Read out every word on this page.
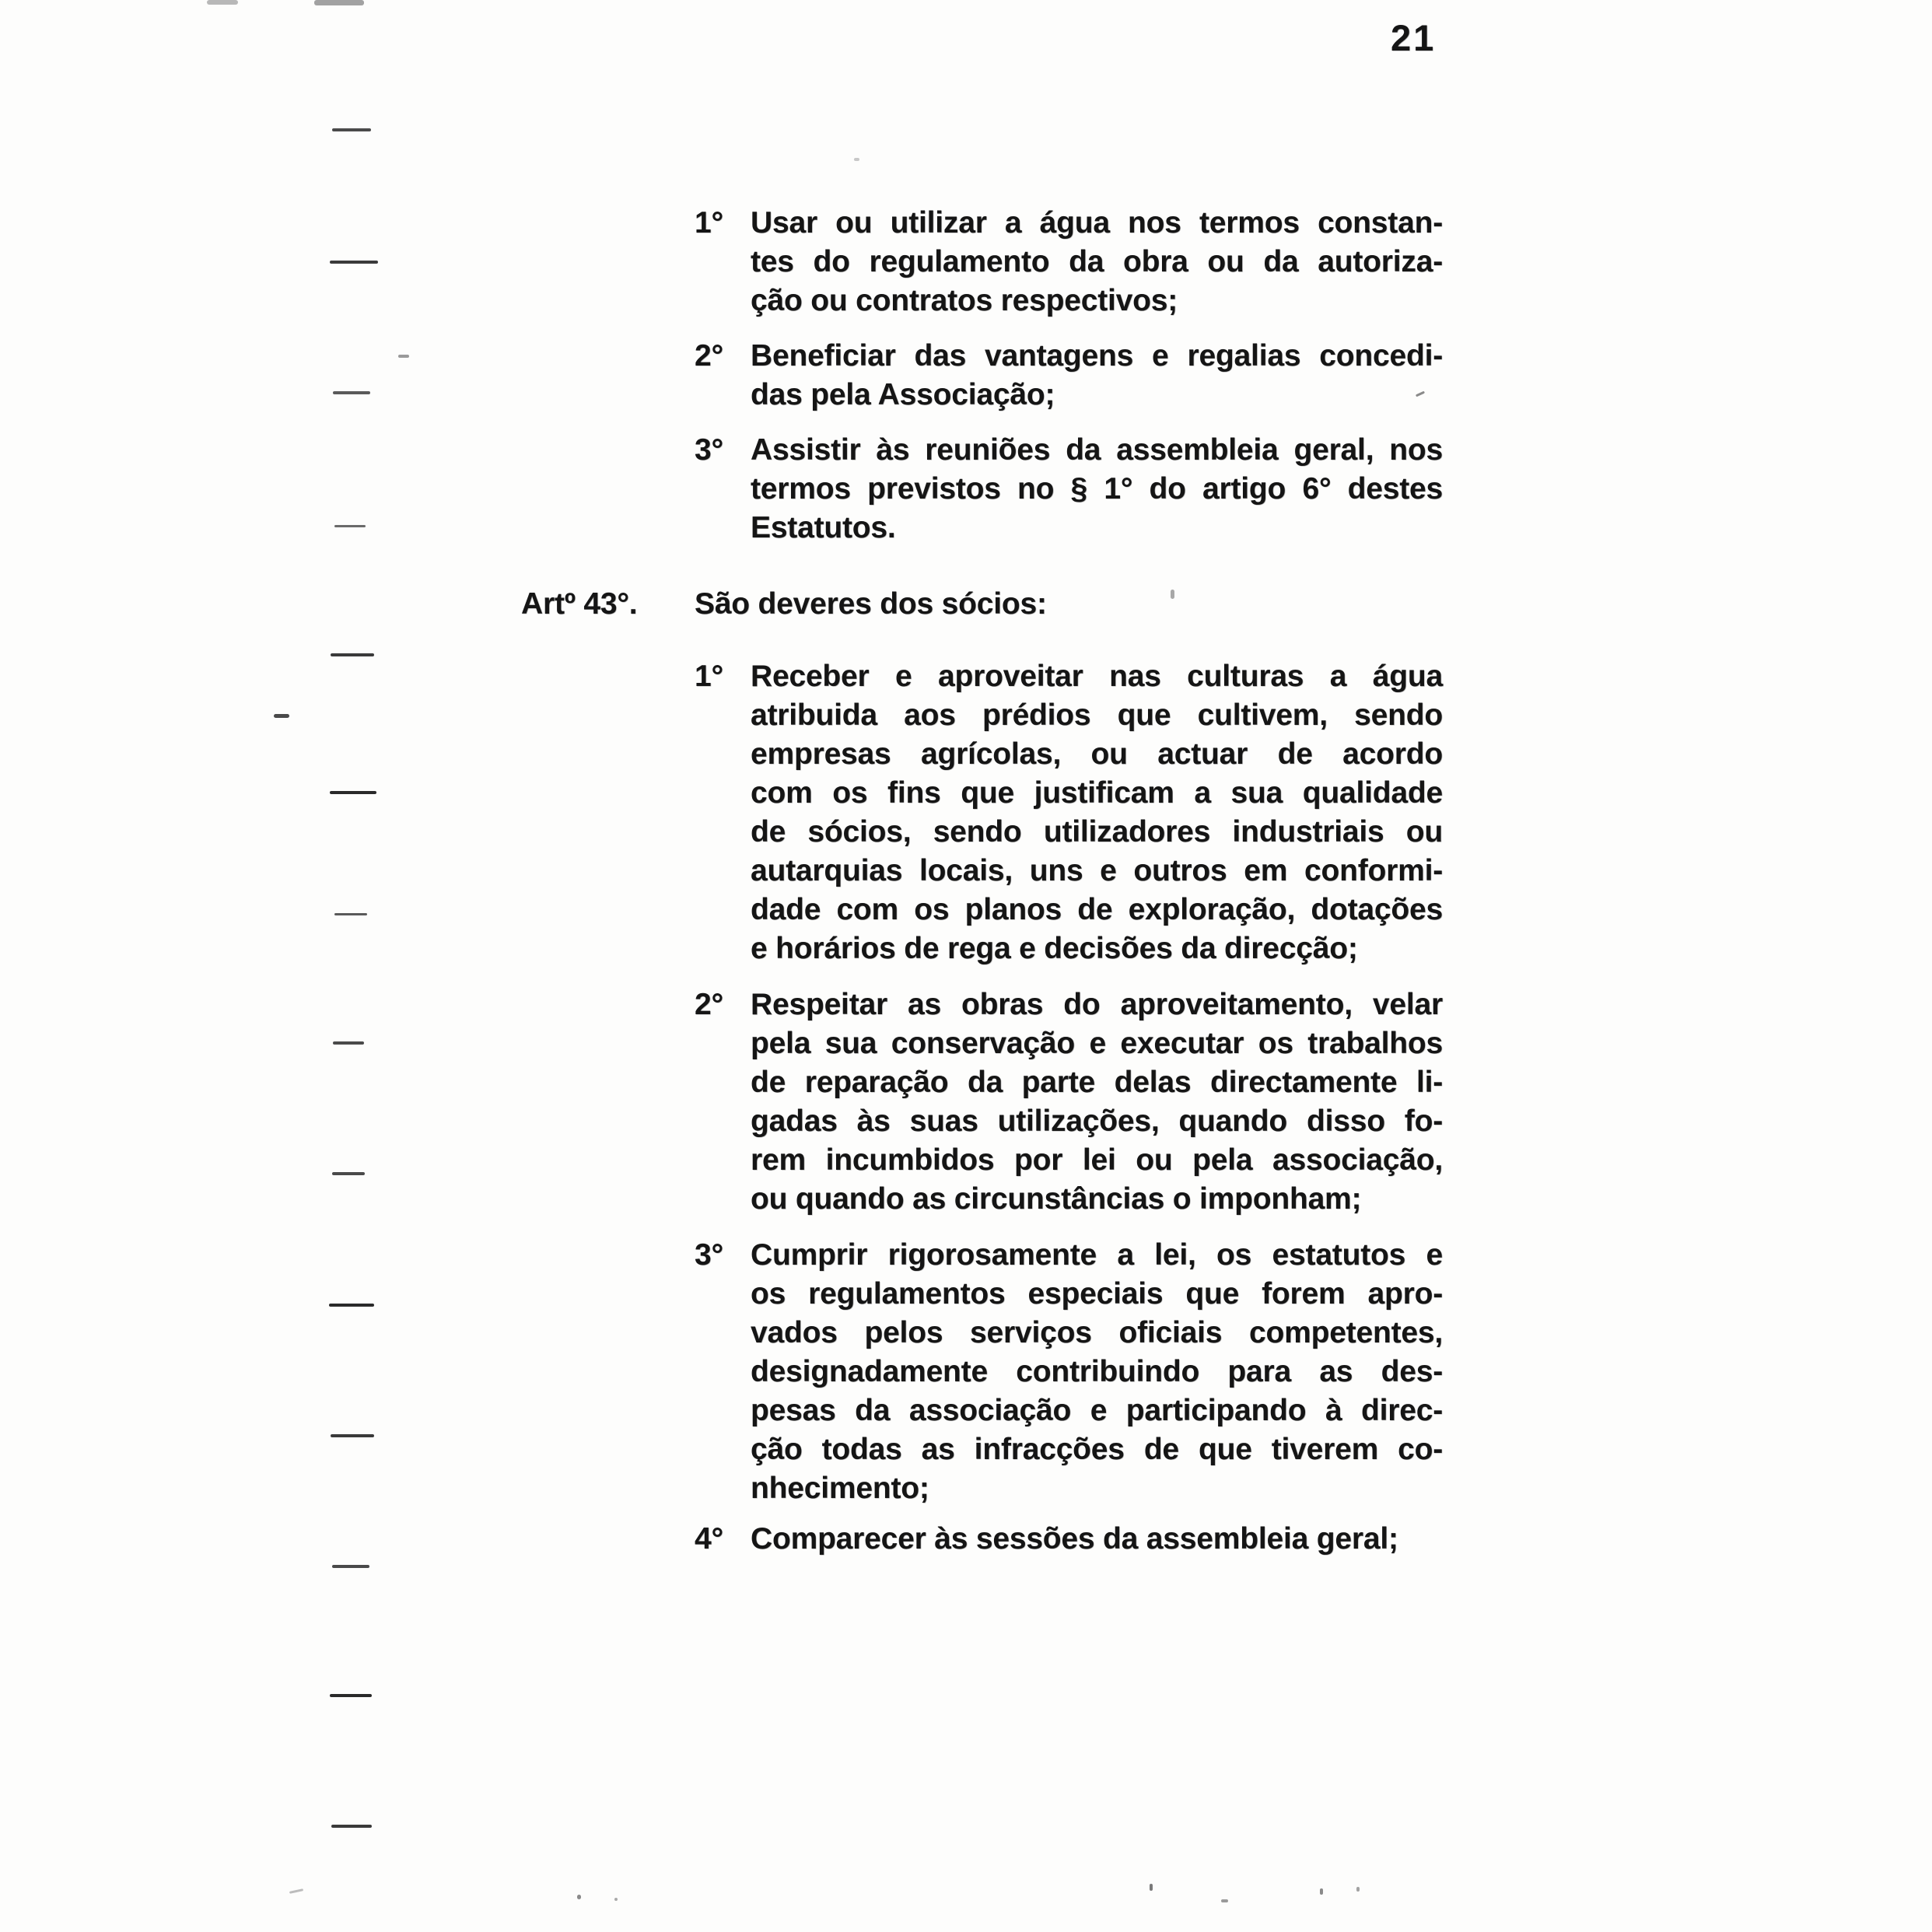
21
1° Usar ou utilizar a água nos termos constan-
tes do regulamento da obra ou da autoriza-
ção ou contratos respectivos;
2° Beneficiar das vantagens e regalias concedi-
das pela Associação;
3° Assistir às reuniões da assembleia geral, nos
termos previstos no § 1° do artigo 6° destes
Estatutos.
Artº 43°.	São deveres dos sócios:
1° Receber e aproveitar nas culturas a água
atribuida aos prédios que cultivem, sendo
empresas agrícolas, ou actuar de acordo
com os fins que justificam a sua qualidade
de sócios, sendo utilizadores industriais ou
autarquias locais, uns e outros em conformi-
dade com os planos de exploração, dotações
e horários de rega e decisões da direcção;
2° Respeitar as obras do aproveitamento, velar
pela sua conservação e executar os trabalhos
de reparação da parte delas directamente li-
gadas às suas utilizações, quando disso fo-
rem incumbidos por lei ou pela associação,
ou quando as circunstâncias o imponham;
3° Cumprir rigorosamente a lei, os estatutos e
os regulamentos especiais que forem apro-
vados pelos serviços oficiais competentes,
designadamente contribuindo para as des-
pesas da associação e participando à direc-
ção todas as infracções de que tiverem co-
nhecimento;
4° Comparecer às sessões da assembleia geral;
